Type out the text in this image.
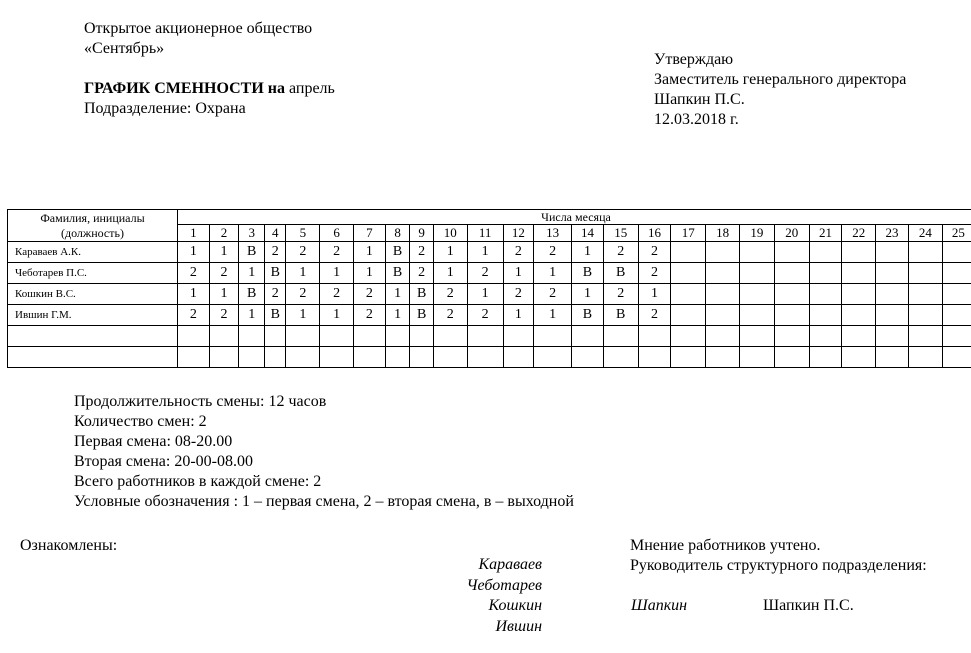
Открытое акционерное общество
«Сентябрь»
ГРАФИК СМЕННОСТИ на апрель
Подразделение: Охрана
Утверждаю
Заместитель генерального директора
Шапкин П.С.
12.03.2018 г.
Фамилия, инициалы
(должность)	Числа месяца																								
	1	2	3	4	5	6	7	8	9	10	11	12	13	14	15	16	17	18	19	20	21	22	23	24	25
Караваев А.К.	1	1	В	2	2	2	1	В	2	1	1	2	2	1	2	2									
Чеботарев П.С.	2	2	1	В	1	1	1	В	2	1	2	1	1	В	В	2									
Кошкин В.С.	1	1	В	2	2	2	2	1	В	2	1	2	2	1	2	1									
Ившин Г.М.	2	2	1	В	1	1	2	1	В	2	2	1	1	В	В	2									

Продолжительность смены: 12 часов
Количество смен: 2
Первая смена: 08-20.00
Вторая смена: 20-00-08.00
Всего работников в каждой смене: 2
Условные обозначения : 1 – первая смена, 2 – вторая смена, в – выходной
Ознакомлены:
Караваев
Чеботарев
Кошкин
Ившин
Мнение работников учтено.
Руководитель структурного подразделения:
Шапкин	Шапкин П.С.
